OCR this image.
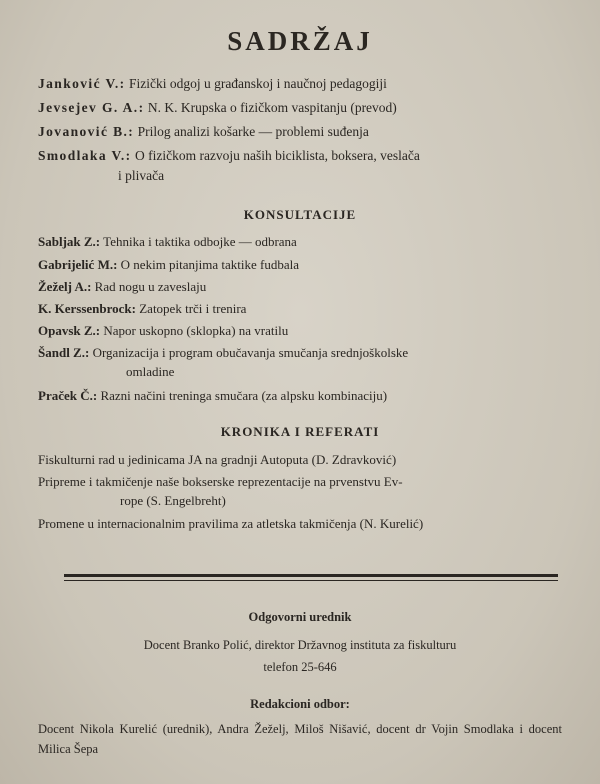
SADRŽAJ
Janković V.: Fizički odgoj u građanskoj i naučnoj pedagogiji
Jevsejev G. A.: N. K. Krupska o fizičkom vaspitanju (prevod)
Jovanović B.: Prilog analizi košarke — problemi suđenja
Smodlaka V.: O fizičkom razvoju naših biciklista, boksera, veslača
i plivača
KONSULTACIJE
Sabljak Z.: Tehnika i taktika odbojke — odbrana
Gabrijelić M.: O nekim pitanjima taktike fudbala
Žeželj A.: Rad nogu u zaveslaju
K. Kerssenbrock: Zatopek trči i trenira
Opavsk Z.: Napor uskopno (sklopka) na vratilu
Šandl Z.: Organizacija i program obučavanja smučanja srednjoškolske
omladine
Praček Č.: Razni načini treninga smučara (za alpsku kombinaciju)
KRONIKA I REFERATI
Fiskulturni rad u jedinicama JA na gradnji Autoputa (D. Zdravković)
Pripreme i takmičenje naše bokserske reprezentacije na prvenstvu Ev-
rope (S. Engelbreht)
Promene u internacionalnim pravilima za atletska takmičenja (N. Kurelić)
Odgovorni urednik
Docent Branko Polić, direktor Državnog instituta za fiskulturu
telefon 25-646
Redakcioni odbor:
Docent Nikola Kurelić (urednik), Andra Žeželj, Miloš Nišavić, docent dr Vojin Smodlaka i docent Milica Šepa
